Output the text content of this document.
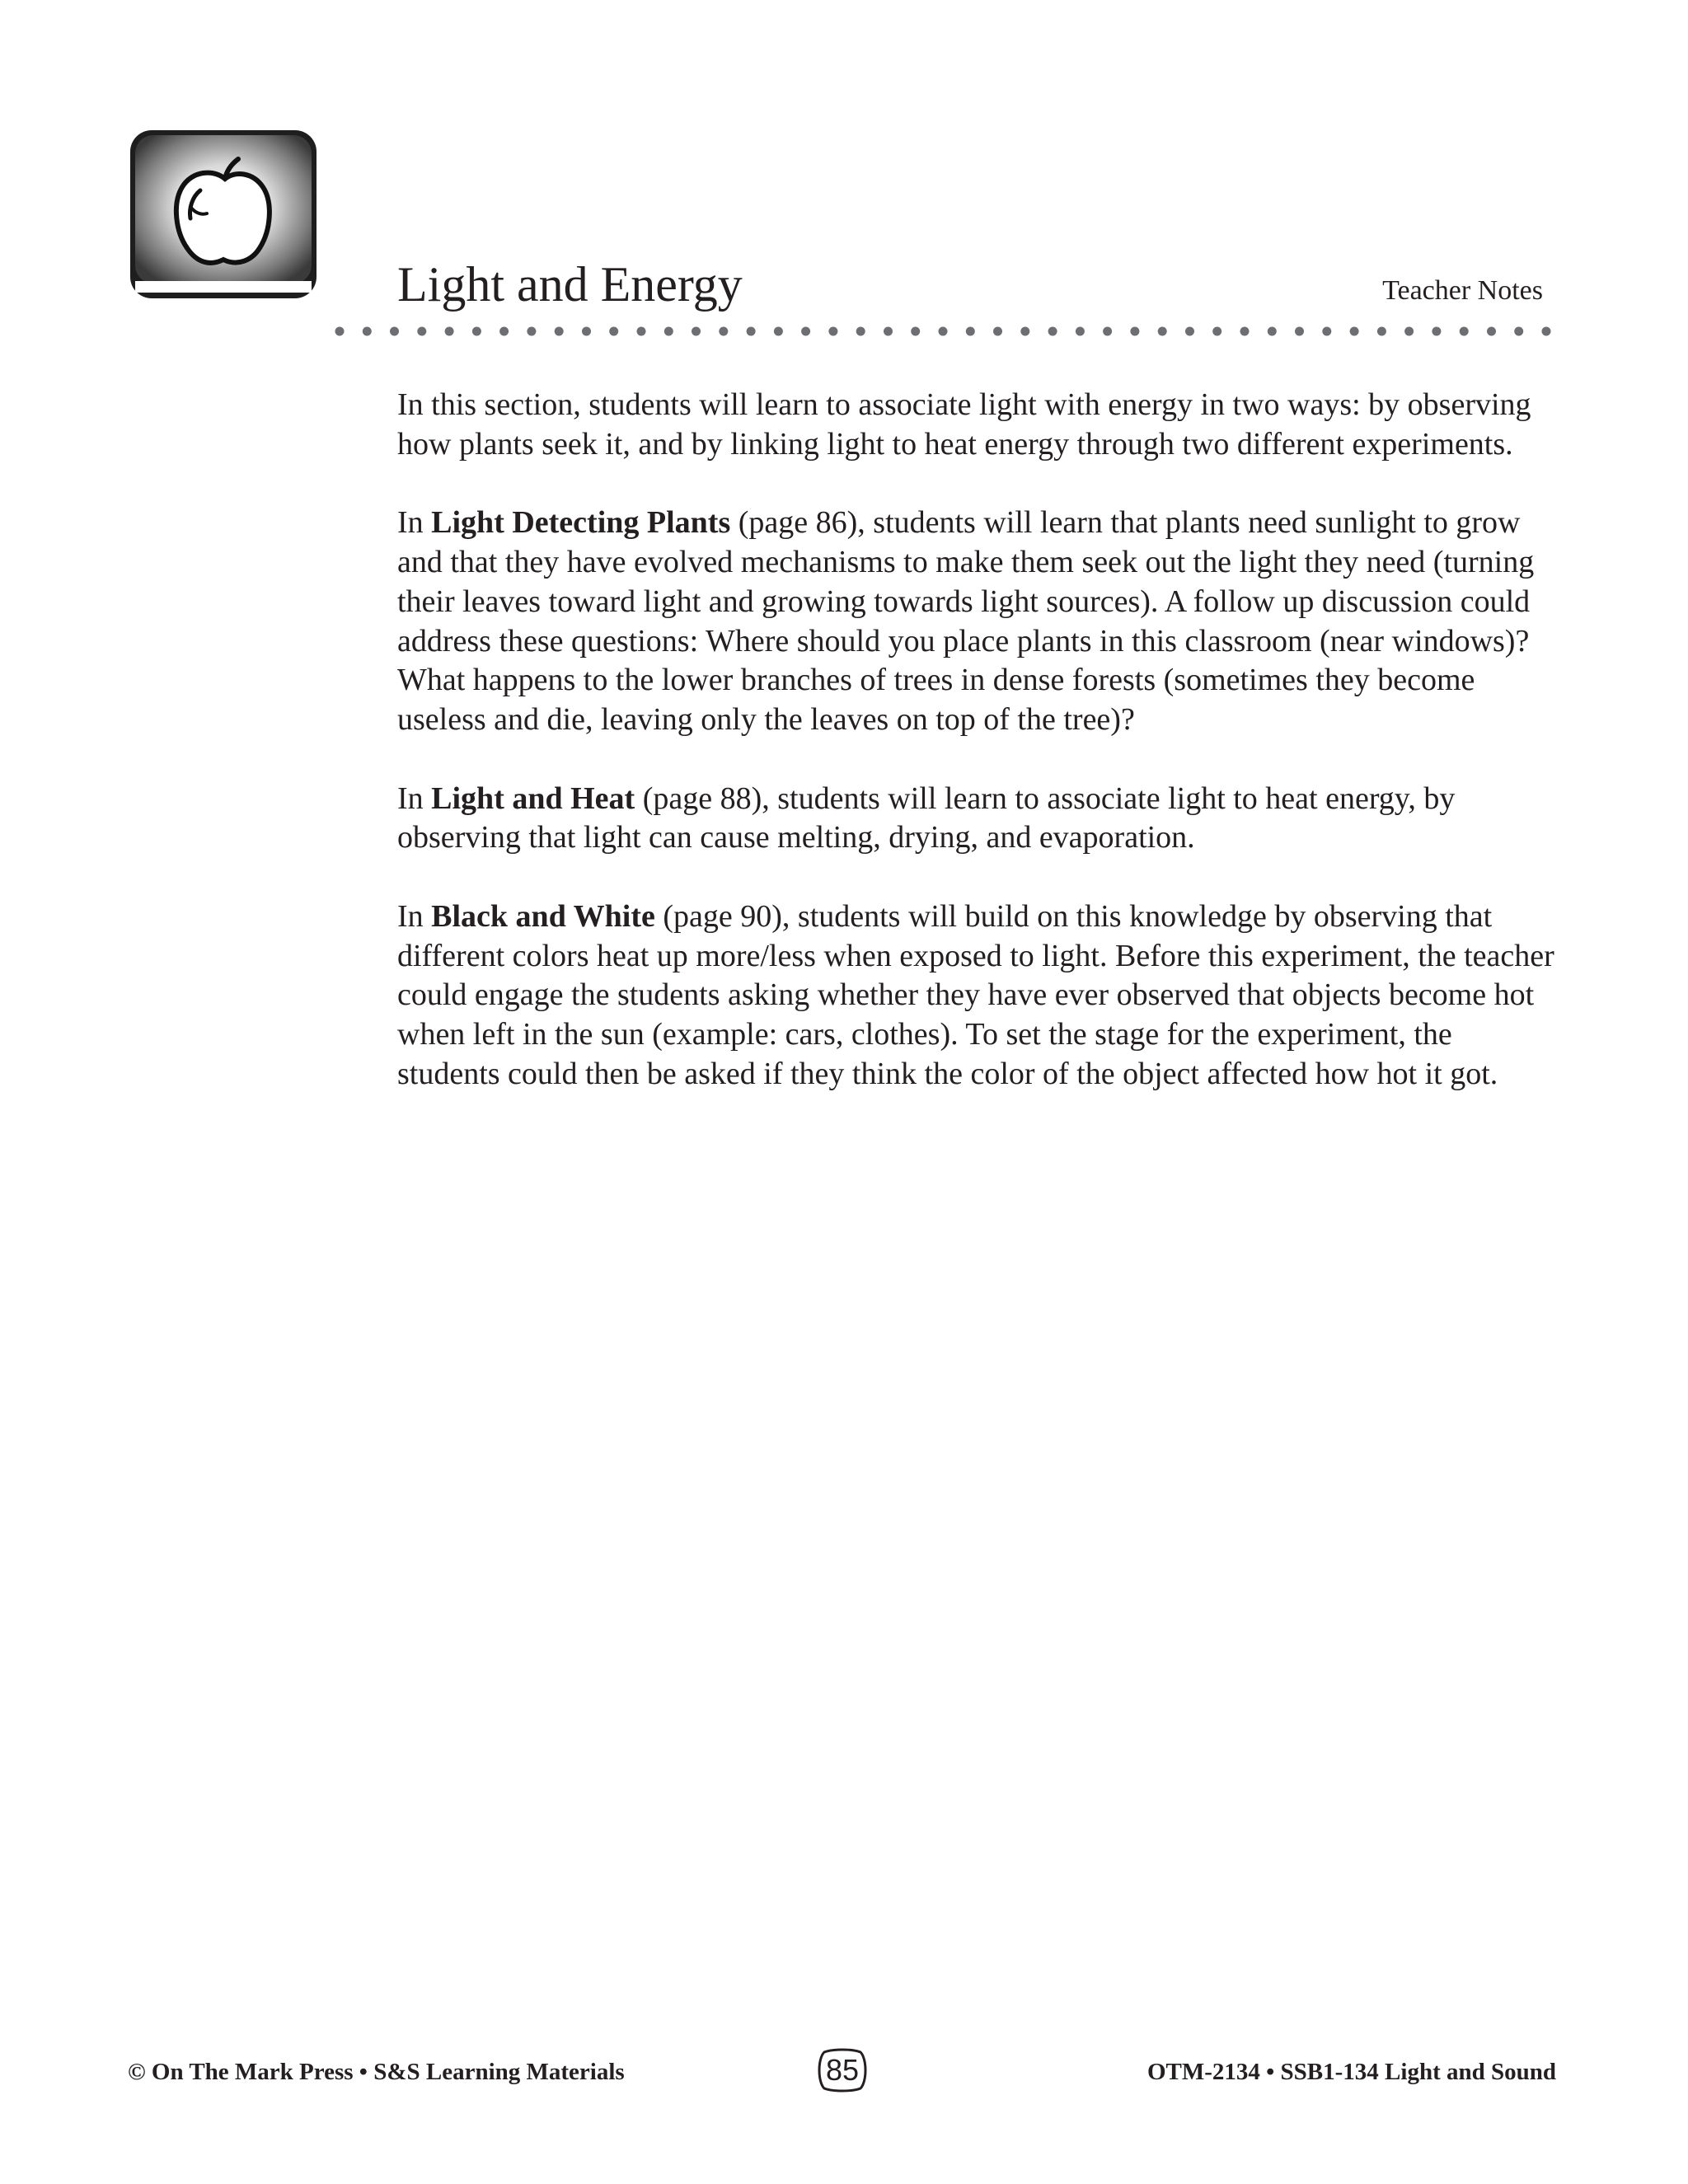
Light and Energy	Teacher Notes

In this section, students will learn to associate light with energy in two ways: by observing how plants seek it, and by linking light to heat energy through two different experiments.

In Light Detecting Plants (page 86), students will learn that plants need sunlight to grow and that they have evolved mechanisms to make them seek out the light they need (turning their leaves toward light and growing towards light sources). A follow up discussion could address these questions: Where should you place plants in this classroom (near windows)? What happens to the lower branches of trees in dense forests (sometimes they become useless and die, leaving only the leaves on top of the tree)?

In Light and Heat (page 88), students will learn to associate light to heat energy, by observing that light can cause melting, drying, and evaporation.

In Black and White (page 90), students will build on this knowledge by observing that different colors heat up more/less when exposed to light. Before this experiment, the teacher could engage the students asking whether they have ever observed that objects become hot when left in the sun (example: cars, clothes). To set the stage for the experiment, the students could then be asked if they think the color of the object affected how hot it got.

© On The Mark Press • S&S Learning Materials	85	OTM-2134 • SSB1-134 Light and Sound
